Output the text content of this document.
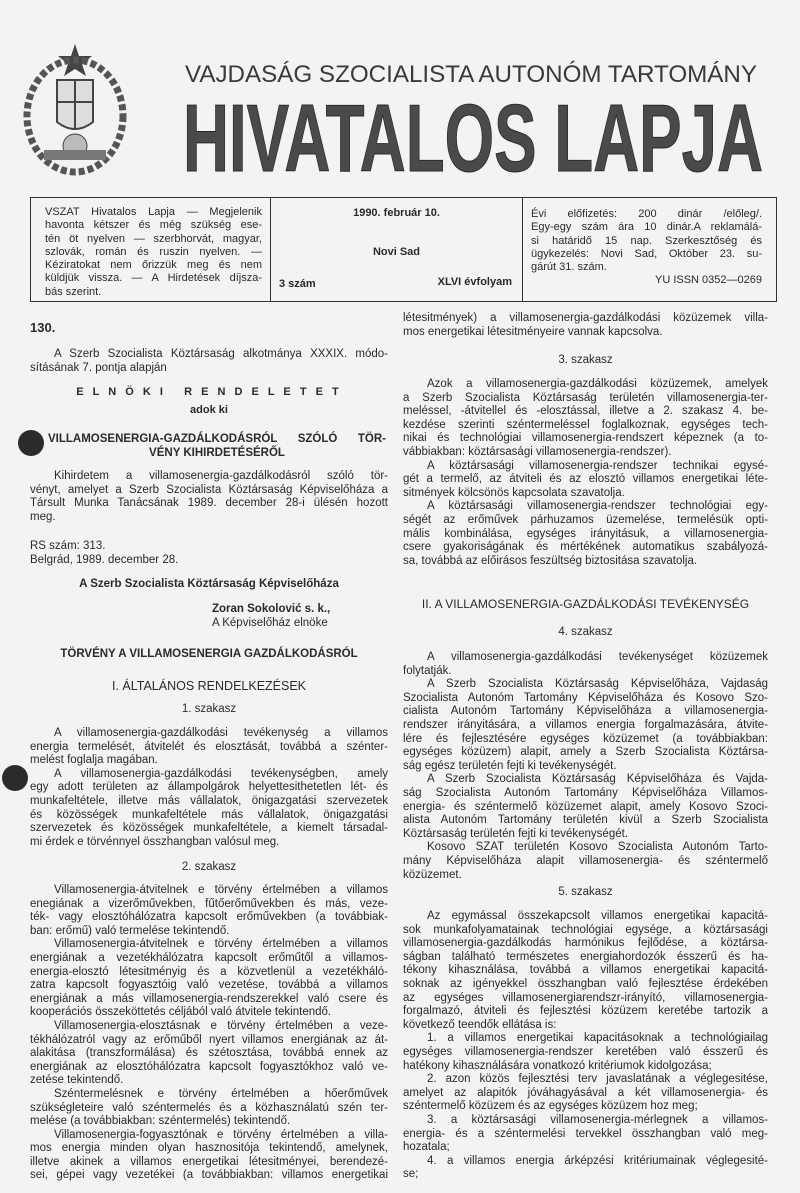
VAJDASÁG SZOCIALISTA AUTONÓM TARTOMÁNY
HIVATALOS LAPJA
VSZAT Hivatalos Lapja — Megjelenik
havonta kétszer és még szükség ese-
tén öt nyelven — szerbhorvát, magyar,
szlovák, román és ruszin nyelven. —
Kéziratokat nem őrizzük meg és nem
küldjük vissza. — A Hirdetések díjsza-
bás szerint.
1990. február 10.
Novi Sad
3 szám	XLVI évfolyam
Évi előfizetés: 200 dinár /előleg/.
Egy-egy szám ára 10 dinár.A reklamálá-
si határidő 15 nap. Szerkesztőség és
ügykezelés: Novi Sad, Október 23. su-
gárút 31. szám.
YU ISSN 0352—0269
130.
A Szerb Szocialista Köztársaság alkotmánya XXXIX. módo-
sításának 7. pontja alapján
E L N Ö K I   R E N D E L E T E T
adok ki
VILLAMOSENERGIA-GAZDÁLKODÁSRÓL SZÓLÓ TÖR-
VÉNY KIHIRDETÉSÉRŐL
Kihirdetem a villamosenergia-gazdálkodásról szóló tör-
vényt, amelyet a Szerb Szocialista Köztársaság Képviselőháza a
Társult Munka Tanácsának 1989. december 28-i ülésén hozott
meg.
RS szám: 313.
Belgrád, 1989. december 28.
A Szerb Szocialista Köztársaság Képviselőháza
Zoran Sokolović s. k.,
A Képviselőház elnöke
TÖRVÉNY A VILLAMOSENERGIA GAZDÁLKODÁSRÓL
I. ÁLTALÁNOS RENDELKEZÉSEK
1. szakasz
A villamosenergia-gazdálkodási tevékenység a villamos
energia termelését, átvitelét és elosztását, továbbá a szénter-
melést foglalja magában.
A villamosenergia-gazdálkodási tevékenységben, amely
egy adott területen az állampolgárok helyettesithetetlen lét- és
munkafeltétele, illetve más vállalatok, önigazgatási szervezetek
és közösségek munkafeltétele más vállalatok, önigazgatási
szervezetek és közösségek munkafeltétele, a kiemelt társadal-
mi érdek e törvénnyel összhangban valósul meg.
2. szakasz
Villamosenergia-átvitelnek e törvény értelmében a villamos
enegiának a vizerőművekben, fűtőerőművekben és más, veze-
ték- vagy elosztóhálózatra kapcsolt erőművekben (a továbbiak-
ban: erőmű) való termelése tekintendő.
Villamosenergia-átvitelnek e törvény értelmében a villamos
energiának a vezetékhálózatra kapcsolt erőműtől a villamos-
energia-elosztó létesitményig és a közvetlenül a vezetékháló-
zatra kapcsolt fogyasztóig való vezetése, továbbá a villamos
energiának a más villamosenergia-rendszerekkel való csere és
kooperációs összeköttetés céljából való átvitele tekintendő.
Villamosenergia-elosztásnak e törvény értelmében a veze-
tékhálózatról vagy az erőműből nyert villamos energiának az át-
alakitása (transzformálása) és szétosztása, továbbá ennek az
energiának az elosztóhálózatra kapcsolt fogyasztókhoz való ve-
zetése tekintendő.
Széntermelésnek e törvény értelmében a hőerőművek
szükségleteire való széntermelés és a közhasználatú szén ter-
melése (a továbbiakban: széntermelés) tekintendő.
Villamosenergia-fogyasztónak e törvény értelmében a villa-
mos energia minden olyan hasznositója tekintendő, amelynek,
illetve akinek a villamos energetikai létesitményei, berendezé-
sei, gépei vagy vezetékei (a továbbiakban: villamos energetikai
létesitmények) a villamosenergia-gazdálkodási közüzemek villa-
mos energetikai létesitményeire vannak kapcsolva.
3. szakasz
Azok a villamosenergia-gazdálkodási közüzemek, amelyek
a Szerb Szocialista Köztársaság területén villamosenergia-ter-
meléssel, -átvitellel és -elosztással, illetve a 2. szakasz 4. be-
kezdése szerinti széntermeléssel foglalkoznak, egységes tech-
nikai és technológiai villamosenergia-rendszert képeznek (a to-
vábbiakban: köztársasági villamosenergia-rendszer).
A köztársasági villamosenergia-rendszer technikai egysé-
gét a termelő, az átviteli és az elosztó villamos energetikai léte-
sitmények kölcsönös kapcsolata szavatolja.
A köztársasági villamosenergia-rendszer technológiai egy-
ségét az erőművek párhuzamos üzemelése, termelésük opti-
mális kombinálása, egységes irányitásuk, a villamosenergia-
csere gyakoriságának és mértékének automatikus szabályozá-
sa, továbbá az előirásos feszültség biztositása szavatolja.
II. A VILLAMOSENERGIA-GAZDÁLKODÁSI TEVÉKENYSÉG
4. szakasz
A villamosenergia-gazdálkodási tevékenységet közüzemek
folytatják.
A Szerb Szocialista Köztársaság Képviselőháza, Vajdaság
Szocialista Autonóm Tartomány Képviselőháza és Kosovo Szo-
cialista Autonóm Tartomány Képviselőháza a villamosenergia-
rendszer irányitására, a villamos energia forgalmazására, átvite-
lére és fejlesztésére egységes közüzemet (a továbbiakban:
egységes közüzem) alapit, amely a Szerb Szocialista Köztársa-
ság egész területén fejti ki tevékenységét.
A Szerb Szocialista Köztársaság Képviselőháza és Vajda-
ság Szocialista Autonóm Tartomány Képviselőháza Villamos-
energia- és széntermelő közüzemet alapit, amely Kosovo Szoci-
alista Autonóm Tartomány területén kivül a Szerb Szocialista
Köztársaság területén fejti ki tevékenységét.
Kosovo SZAT területén Kosovo Szocialista Autonóm Tarto-
mány Képviselőháza alapit villamosenergia- és széntermelő
közüzemet.
5. szakasz
Az egymással összekapcsolt villamos energetikai kapacitá-
sok munkafolyamatainak technológiai egysége, a köztársasági
villamosenergia-gazdálkodás harmónikus fejlődése, a köztársa-
ságban található természetes energiahordozók ésszerű és ha-
tékony kihasználása, továbbá a villamos energetikai kapacitá-
soknak az igényekkel összhangban való fejlesztése érdekében
az egységes villamosenergiarendszr-irányító, villamosenergia-
forgalmazó, átviteli és fejlesztési közüzem keretébe tartozik a
következő teendők ellátása is:
1. a villamos energetikai kapacitásoknak a technológiailag
egységes villamosenergia-rendszer keretében való ésszerű és
hatékony kihasználására vonatkozó kritériumok kidolgozása;
2. azon közös fejlesztési terv javaslatának a véglegesitése,
amelyet az alapitók jóváhagyásával a két villamosenergia- és
széntermelő közüzem és az egységes közüzem hoz meg;
3. a köztársasági villamosenergia-mérlegnek a villamos-
energia- és a széntermelési tervekkel összhangban való meg-
hozatala;
4. a villamos energia árképzési kritériumainak véglegesité-
se;
